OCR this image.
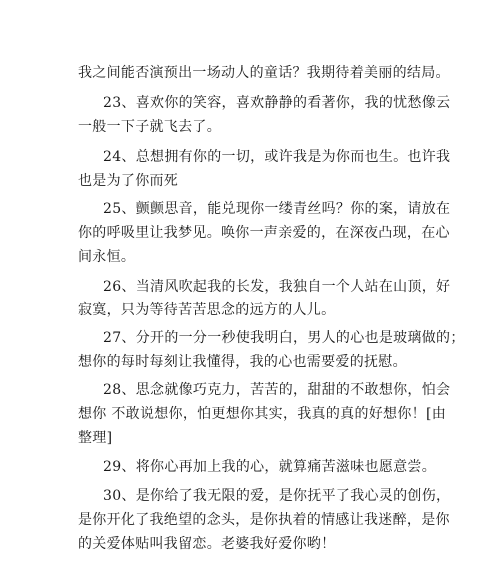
我之间能否演预出一场动人的童话？我期待着美丽的结局。
23、喜欢你的笑容，喜欢静静的看著你，我的忧愁像云
一般一下子就飞去了。
24、总想拥有你的一切，或许我是为你而也生。也许我
也是为了你而死
25、颤颤思音，能兑现你一缕青丝吗？你的案，请放在
你的呼吸里让我梦见。唤你一声亲爱的，在深夜凸现，在心
间永恒。
26、当清风吹起我的长发，我独自一个人站在山顶，好
寂寞，只为等待苦苦思念的远方的人儿。
27、分开的一分一秒使我明白，男人的心也是玻璃做的；
想你的每时每刻让我懂得，我的心也需要爱的抚慰。
28、思念就像巧克力，苦苦的，甜甜的不敢想你，怕会
想你 不敢说想你，怕更想你其实，我真的真的好想你！[由
整理]
29、将你心再加上我的心，就算痛苦滋味也愿意尝。
30、是你给了我无限的爱，是你抚平了我心灵的创伤，
是你开化了我绝望的念头，是你执着的情感让我迷醉，是你
的关爱体贴叫我留恋。老婆我好爱你哟！
